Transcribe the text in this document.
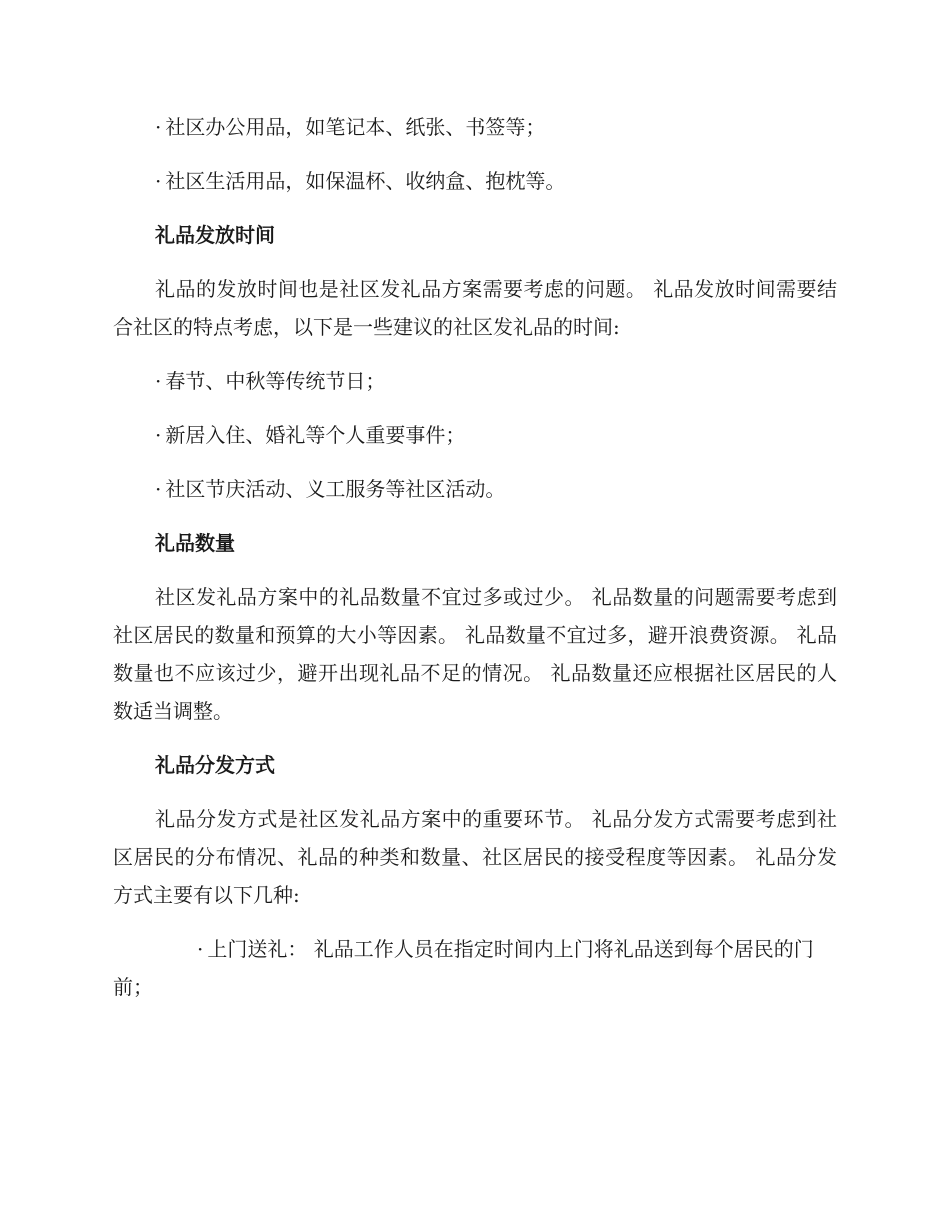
· 社区办公用品，如笔记本、纸张、书签等；

· 社区生活用品，如保温杯、收纳盒、抱枕等。

礼品发放时间

礼品的发放时间也是社区发礼品方案需要考虑的问题。 礼品发放时间需要结合社区的特点考虑，以下是一些建议的社区发礼品的时间:

· 春节、中秋等传统节日；

· 新居入住、婚礼等个人重要事件；

· 社区节庆活动、义工服务等社区活动。

礼品数量

社区发礼品方案中的礼品数量不宜过多或过少。 礼品数量的问题需要考虑到社区居民的数量和预算的大小等因素。 礼品数量不宜过多，避开浪费资源。 礼品数量也不应该过少，避开出现礼品不足的情况。 礼品数量还应根据社区居民的人数适当调整。

礼品分发方式

礼品分发方式是社区发礼品方案中的重要环节。 礼品分发方式需要考虑到社区居民的分布情况、礼品的种类和数量、社区居民的接受程度等因素。 礼品分发方式主要有以下几种:

· 上门送礼： 礼品工作人员在指定时间内上门将礼品送到每个居民的门前；
